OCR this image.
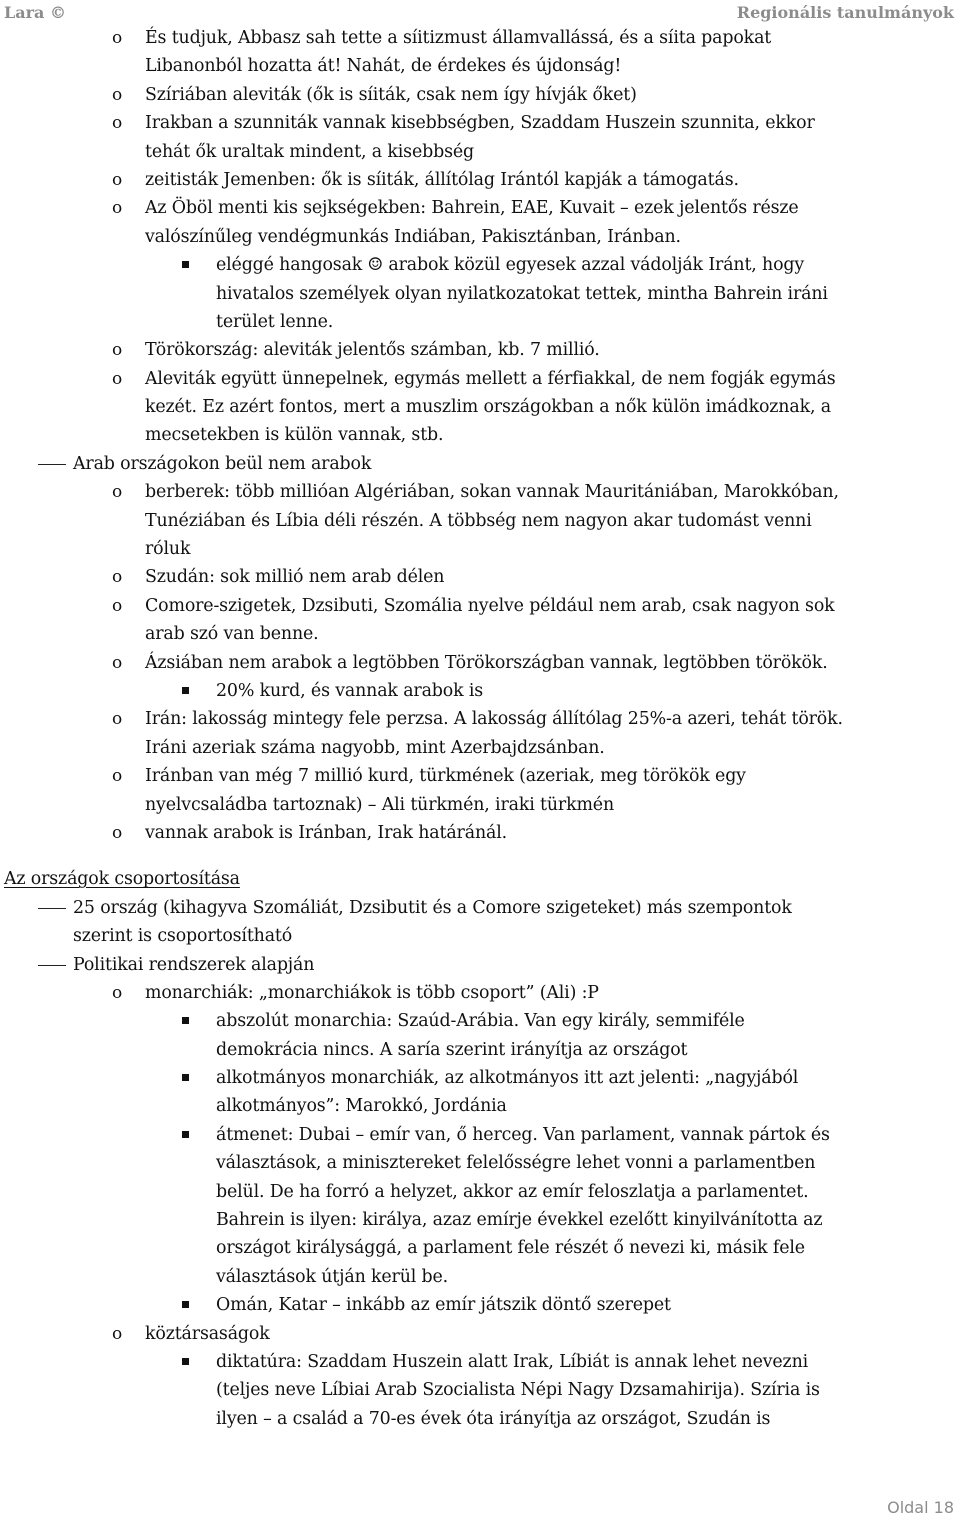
Lara ©	Regionális tanulmányok
o És tudjuk, Abbasz sah tette a síitizmust államvallássá, és a síita papokat
Libanonból hozatta át! Nahát, de érdekes és újdonság!
o Szíriában aleviták (ők is síiták, csak nem így hívják őket)
o Irakban a szunniták vannak kisebbségben, Szaddam Huszein szunnita, ekkor
tehát ők uraltak mindent, a kisebbség
o zeitisták Jemenben: ők is síiták, állítólag Irántól kapják a támogatás.
o Az Öböl menti kis sejkségekben: Bahrein, EAE, Kuvait – ezek jelentős része
valószínűleg vendégmunkás Indiában, Pakisztánban, Iránban.
eléggé hangosak ☺ arabok közül egyesek azzal vádolják Iránt, hogy
hivatalos személyek olyan nyilatkozatokat tettek, mintha Bahrein iráni
terület lenne.
o Törökország: aleviták jelentős számban, kb. 7 millió.
o Aleviták együtt ünnepelnek, egymás mellett a férfiakkal, de nem fogják egymás
kezét. Ez azért fontos, mert a muszlim országokban a nők külön imádkoznak, a
mecsetekben is külön vannak, stb.
Arab országokon beül nem arabok
o berberek: több millióan Algériában, sokan vannak Mauritániában, Marokkóban,
Tunéziában és Líbia déli részén. A többség nem nagyon akar tudomást venni
róluk
o Szudán: sok millió nem arab délen
o Comore-szigetek, Dzsibuti, Szomália nyelve például nem arab, csak nagyon sok
arab szó van benne.
o Ázsiában nem arabok a legtöbben Törökországban vannak, legtöbben törökök.
20% kurd, és vannak arabok is
o Irán: lakosság mintegy fele perzsa. A lakosság állítólag 25%-a azeri, tehát török.
Iráni azeriak száma nagyobb, mint Azerbajdzsánban.
o Iránban van még 7 millió kurd, türkmének (azeriak, meg törökök egy
nyelvcsaládba tartoznak) – Ali türkmén, iraki türkmén
o vannak arabok is Iránban, Irak határánál.
Az országok csoportosítása
25 ország (kihagyva Szomáliát, Dzsibutit és a Comore szigeteket) más szempontok
szerint is csoportosítható
Politikai rendszerek alapján
o monarchiák: „monarchiákok is több csoport” (Ali) :P
abszolút monarchia: Szaúd-Arábia. Van egy király, semmiféle
demokrácia nincs. A saría szerint irányítja az országot
alkotmányos monarchiák, az alkotmányos itt azt jelenti: „nagyjából
alkotmányos”: Marokkó, Jordánia
átmenet: Dubai – emír van, ő herceg. Van parlament, vannak pártok és
választások, a minisztereket felelősségre lehet vonni a parlamentben
belül. De ha forró a helyzet, akkor az emír feloszlatja a parlamentet.
Bahrein is ilyen: királya, azaz emírje évekkel ezelőtt kinyilvánította az
országot királysággá, a parlament fele részét ő nevezi ki, másik fele
választások útján kerül be.
Omán, Katar – inkább az emír játszik döntő szerepet
o köztársaságok
diktatúra: Szaddam Huszein alatt Irak, Líbiát is annak lehet nevezni
(teljes neve Líbiai Arab Szocialista Népi Nagy Dzsamahirija). Szíria is
ilyen – a család a 70-es évek óta irányítja az országot, Szudán is
Oldal 18
